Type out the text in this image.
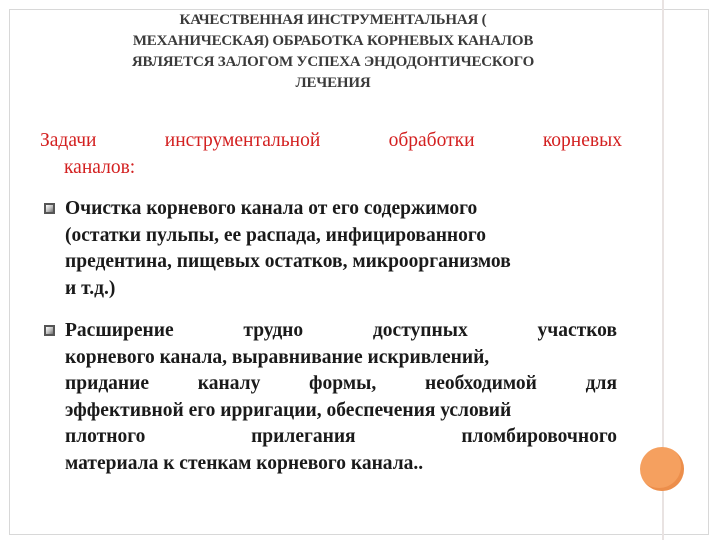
КАЧЕСТВЕННАЯ ИНСТРУМЕНТАЛЬНАЯ (
МЕХАНИЧЕСКАЯ) ОБРАБОТКА КОРНЕВЫХ КАНАЛОВ
ЯВЛЯЕТСЯ ЗАЛОГОМ УСПЕХА ЭНДОДОНТИЧЕСКОГО
ЛЕЧЕНИЯ
Задачи	инструментальной	обработки	корневых
каналов:
Очистка корневого канала от его содержимого
(остатки пульпы, ее распада, инфицированного
предентина, пищевых остатков, микроорганизмов
и т.д.)
Расширение	трудно	доступных	участков
корневого канала, выравнивание искривлений,
придание каналу формы, необходимой для
эффективной его ирригации, обеспечения условий
плотного	прилегания	пломбировочного
материала к стенкам корневого канала..
